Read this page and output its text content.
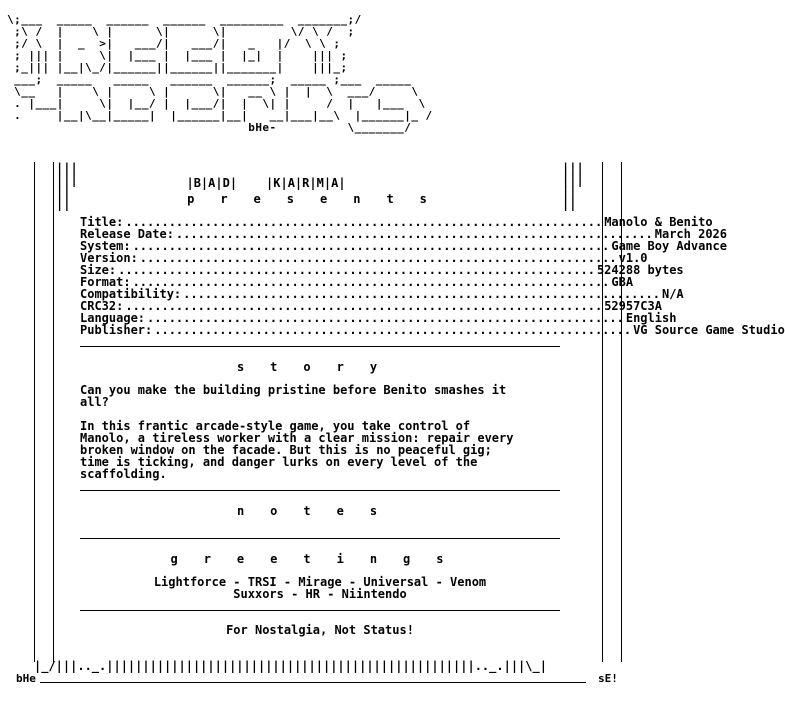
\;___  _____  ______  ______  _________  _______;/
;\ /  |    \ |      \|      \|         \/ \ /  ;
;/ \  |  _  >|   ___/|   ___/|   _   |/  \ \ ;
; ||| |     \|  |___ |  |___ |  |_|  |    ||| ;
;_||| |__|\_/|______||______||_______|    |||_;
___;  _____   _____   ______  ______;  _____ ;___  _____
\__   |    \ |     \ |      \|   __ \ |  |  \  ___/     \
. |___|     \|  |__/ |  |___/|  |  \| |     /  |   |___  \
.     |__|\__|_____|  |______|__|   __|___|__\  |______|_ /
bHe-          \_______/
|||
|||
||
||
|||
|||
||
||

|B|A|D|    |K|A|R|M|A|

presents
Title: .................................................................. Manolo & Benito
Release Date: .................................................................. March 2026
System: .................................................................. Game Boy Advance
Version: .................................................................. v1.0
Size: .................................................................. 524288 bytes
Format: .................................................................. GBA
Compatibility: .................................................................. N/A
CRC32: .................................................................. 52957C3A
Language: .................................................................. English
Publisher: .................................................................. VG Source Game Studio
story
Can you make the building pristine before Benito smashes it
all?

In this frantic arcade-style game, you take control of
Manolo, a tireless worker with a clear mission: repair every
broken window on the facade. But this is no peaceful gig;
time is ticking, and danger lurks on every level of the
scaffolding.
notes
greetings
Lightforce - TRSI - Mirage - Universal - Venom
Suxxors - HR - Niintendo
For Nostalgia, Not Status!
|_/|||.._.|||||||||||||||||||||||||||||||||||||||||||||||||||.._.|||\_|
bHe	sE!
